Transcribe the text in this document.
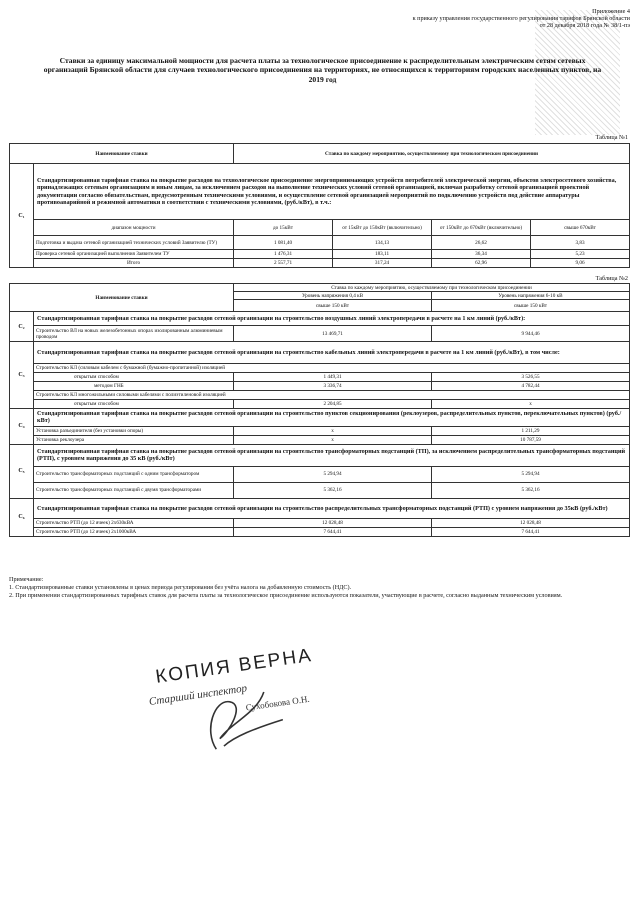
Приложение 4
к приказу управления государственного регулирования тарифов Брянской области
от 28 декабря 2018 года № 38/1-пэ
Ставки за единицу максимальной мощности для расчета платы за технологическое присоединение к распределительным электрическим сетям сетевых организаций Брянской области для случаев технологического присоединения на территориях, не относящихся к территориям городских населенных пунктов, на 2019 год
Таблица №1
Наименование ставки		Ставка по каждому мероприятию, осуществляемому при технологическом присоединении			
C₁	Стандартизированная тарифная ставка на покрытие расходов на технологическое присоединение энергопринимающих устройств потребителей электрической энергии, объектов электросетевого хозяйства, принадлежащих сетевым организациям и иным лицам, за исключением расходов на выполнение технических условий сетевой организацией, включая разработку сетевой организацией проектной документации согласно обязательствам, предусмотренным техническими условиями, и осуществление сетевой организацией мероприятий по подключению устройств под действие аппаратуры противоаварийной и режимной автоматики в соответствии с техническими условиями, (руб./кВт), в т.ч.:				
	диапазон мощности	до 15кВт	от 15кВт до 150кВт (включительно)	от 150кВт до 670кВт (включительно)	свыше 670кВт
	Подготовка и выдача сетевой организацией технических условий Заявителю (ТУ)	1 081,40	134,13	26,62	3,83
	Проверка сетевой организацией выполнения Заявителем ТУ	1 476,31	183,11	36,34	5,23
	Итого	2 557,71	317,24	62,96	9,06
Таблица №2
Наименование ставки		Ставка по каждому мероприятию, осуществляемому при технологическом присоединении	
		Уровень напряжения 0,4 кВ	Уровень напряжения 6-10 кВ
		свыше 150 кВт	свыше 150 кВт
C₂	Стандартизированная тарифная ставка на покрытие расходов сетевой организации на строительство воздушных линий электропередачи в расчете на 1 км линий (руб./кВт):		
	Строительство ВЛ на новых железобетонных опорах изолированным алюминиевым проводом	13 469,71	9 944,46
C₃	Стандартизированная тарифная ставка на покрытие расходов сетевой организации на строительство кабельных линий электропередачи в расчете на 1 км линий (руб./кВт), в том числе:		
	Строительство КЛ (силовым кабелем с бумажной (бумажно-пропитанной) изоляцией		
	открытым способом	1 449,31	3 526,55
	методом ГНБ	3 336,74	4 782,44
	Строительство КЛ многожильными силовыми кабелями с полиэтиленовой изоляцией		
	открытым способом	2 204,85	х
C₄	Стандартизированная тарифная ставка на покрытие расходов сетевой организации на строительство пунктов секционирования (реклоузеров, распределительных пунктов, переключательных пунктов) (руб./кВт)		
	Установка разъединителя (без установки опоры)	х	1 211,29
	Установка реклоузера	х	10 787,59
C₅	Стандартизированная тарифная ставка на покрытие расходов сетевой организации на строительство трансформаторных подстанций (ТП), за исключением распределительных трансформаторных подстанций (РТП), с уровнем напряжения до 35 кВ (руб./кВт)		
	Строительство трансформаторных подстанций с одним трансформатором	5 294,94	5 294,94
	Строительство трансформаторных подстанций с двумя трансформаторами	5 362,16	5 362,16
C₆	Стандартизированная тарифная ставка на покрытие расходов сетевой организации на строительство распределительных трансформаторных подстанций (РТП) с уровнем напряжения до 35кВ (руб./кВт)		
	Строительство РТП (до 12 ячеек) 2х630кВА	12 028,48	12 028,48
	Строительство РТП (до 12 ячеек) 2х1000кВА	7 644,41	7 644,41
Примечание:
1. Стандартизированные ставки установлены в ценах периода регулирования без учёта налога на добавленную стоимость (НДС).
2. При применении стандартизированных тарифных ставок для расчета платы за технологическое присоединение используются показатели, участвующие в расчете, согласно выданным техническим условиям.
КОПИЯ ВЕРНА
Старший инспектор
Сухобокова О.Н.
